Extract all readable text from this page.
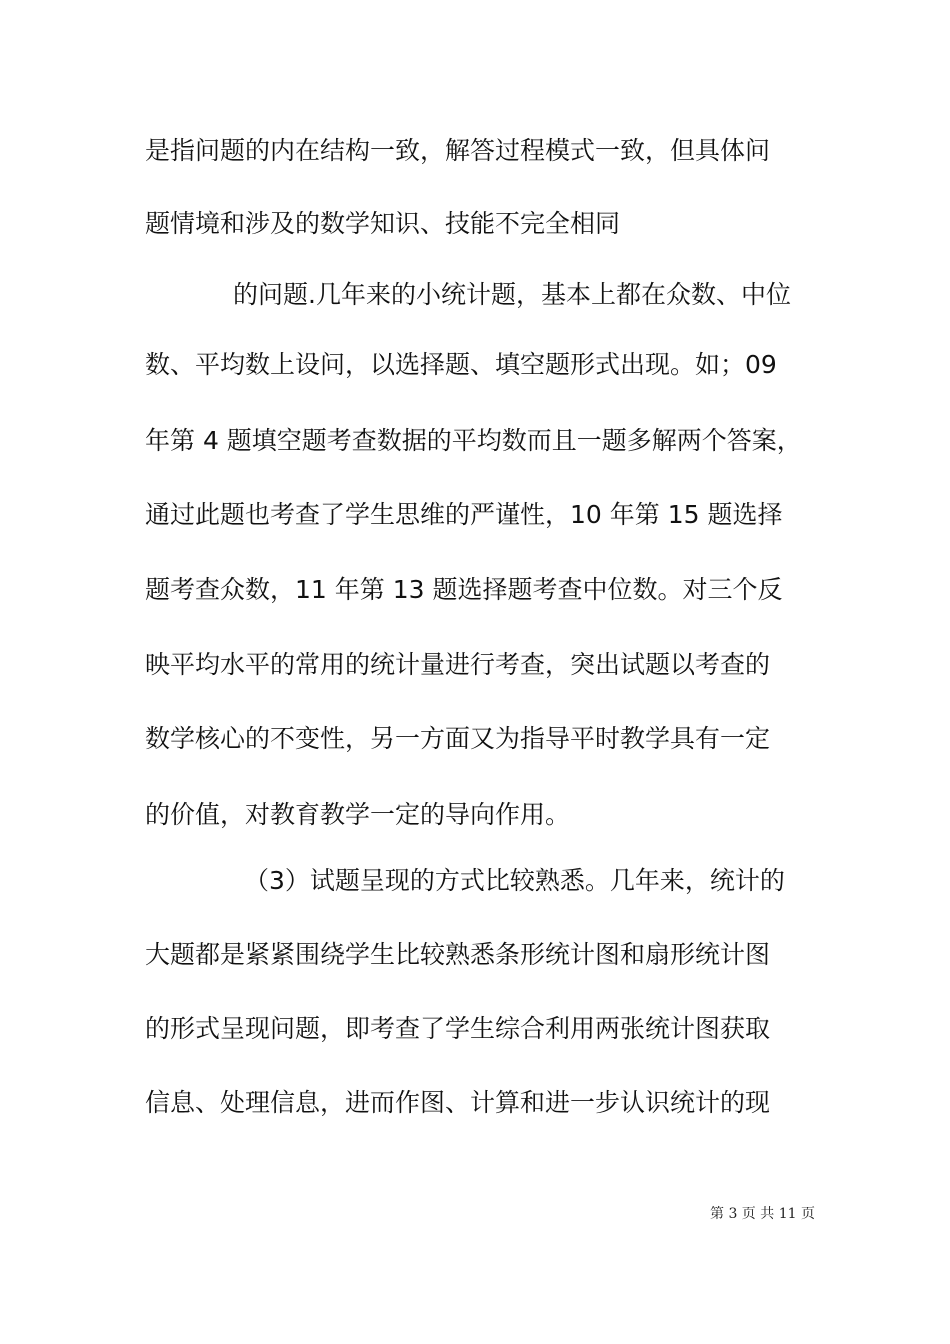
是指问题的内在结构一致，解答过程模式一致，但具体问
题情境和涉及的数学知识、技能不完全相同
的问题.几年来的小统计题，基本上都在众数、中位
数、平均数上设问，以选择题、填空题形式出现。如；09
年第 4 题填空题考查数据的平均数而且一题多解两个答案，
通过此题也考查了学生思维的严谨性，10 年第 15 题选择
题考查众数，11 年第 13 题选择题考查中位数。对三个反
映平均水平的常用的统计量进行考查，突出试题以考查的
数学核心的不变性，另一方面又为指导平时教学具有一定
的价值，对教育教学一定的导向作用。
（3）试题呈现的方式比较熟悉。几年来，统计的
大题都是紧紧围绕学生比较熟悉条形统计图和扇形统计图
的形式呈现问题，即考查了学生综合利用两张统计图获取
信息、处理信息，进而作图、计算和进一步认识统计的现
第 3 页 共 11 页
